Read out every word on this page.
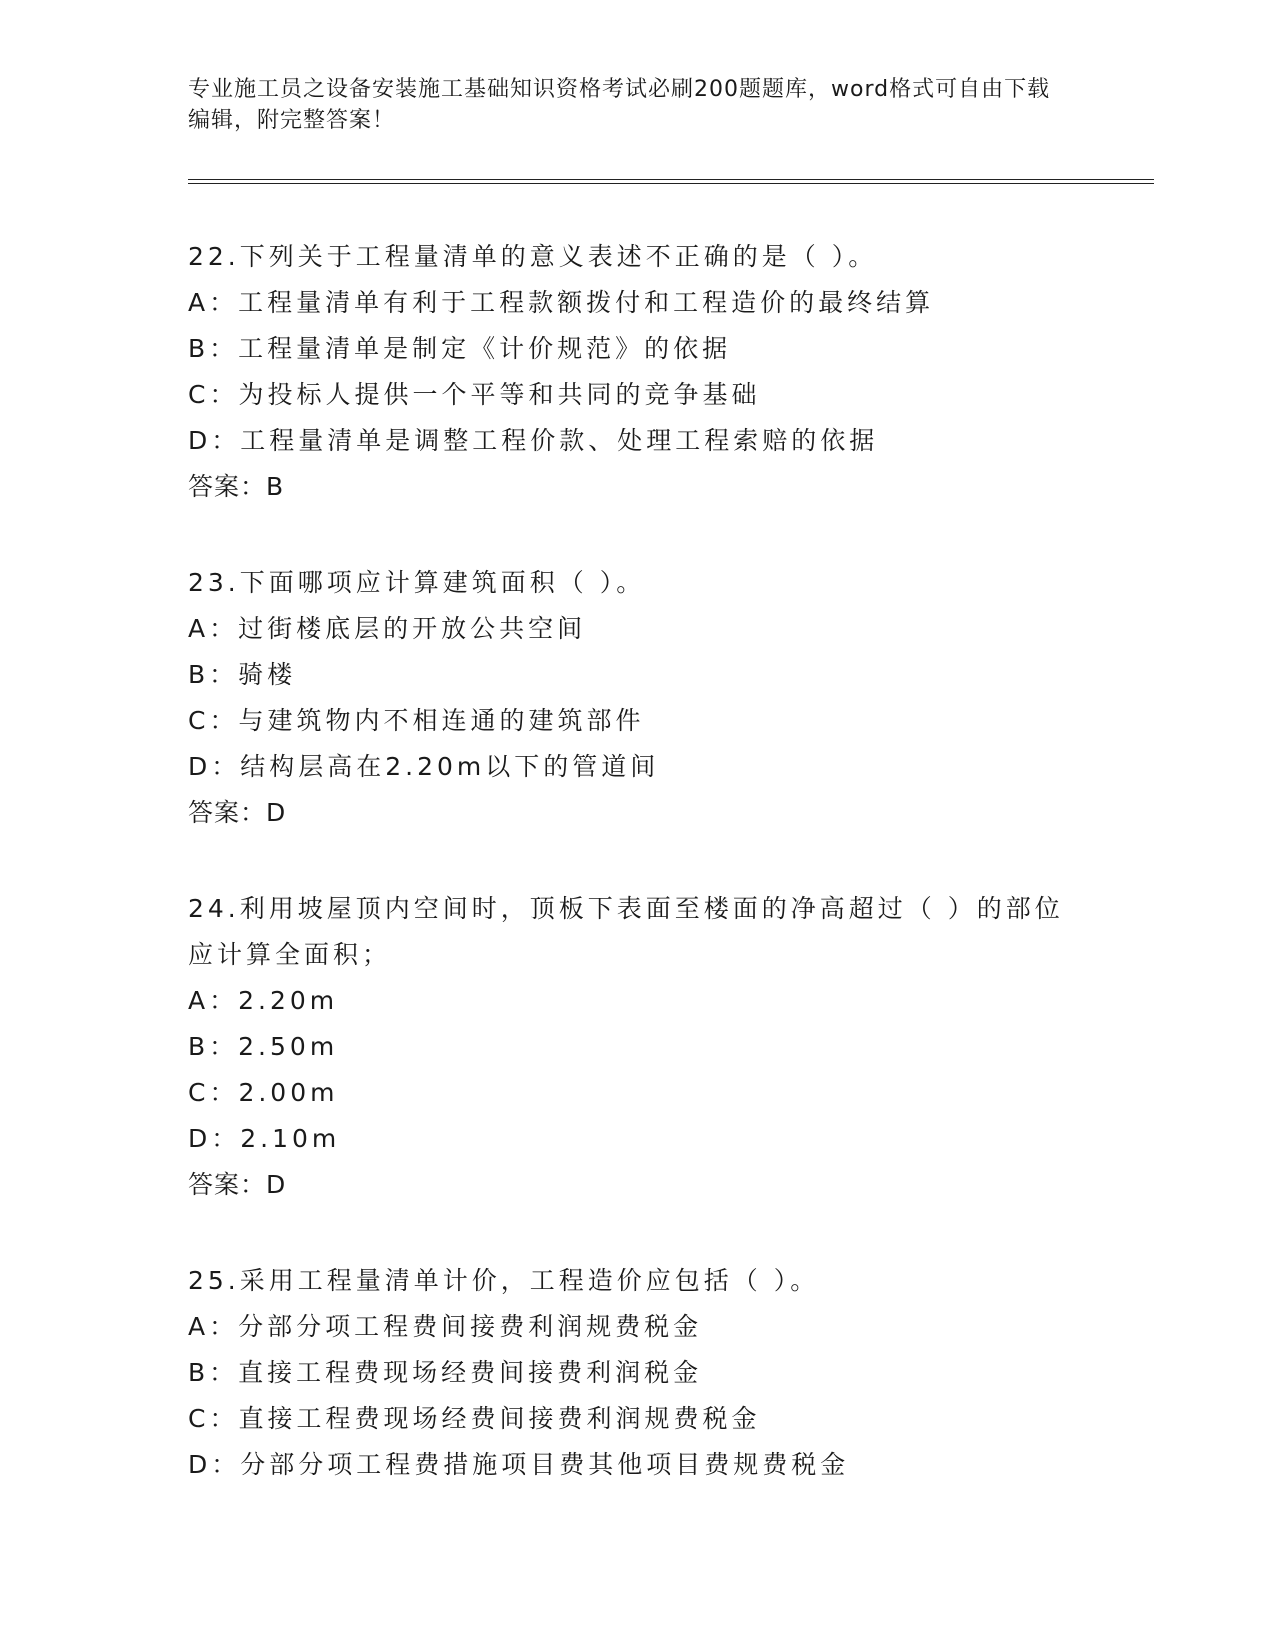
专业施工员之设备安装施工基础知识资格考试必刷200题题库，word格式可自由下载编辑，附完整答案！
22.下列关于工程量清单的意义表述不正确的是（ ）。
A：工程量清单有利于工程款额拨付和工程造价的最终结算
B：工程量清单是制定《计价规范》的依据
C：为投标人提供一个平等和共同的竞争基础
D：工程量清单是调整工程价款、处理工程索赔的依据
答案：B
23.下面哪项应计算建筑面积（ ）。
A：过街楼底层的开放公共空间
B：骑楼
C：与建筑物内不相连通的建筑部件
D：结构层高在2.20m以下的管道间
答案：D
24.利用坡屋顶内空间时，顶板下表面至楼面的净高超过（ ）的部位应计算全面积；
A：2.20m
B：2.50m
C：2.00m
D：2.10m
答案：D
25.采用工程量清单计价，工程造价应包括（ ）。
A：分部分项工程费间接费利润规费税金
B：直接工程费现场经费间接费利润税金
C：直接工程费现场经费间接费利润规费税金
D：分部分项工程费措施项目费其他项目费规费税金
